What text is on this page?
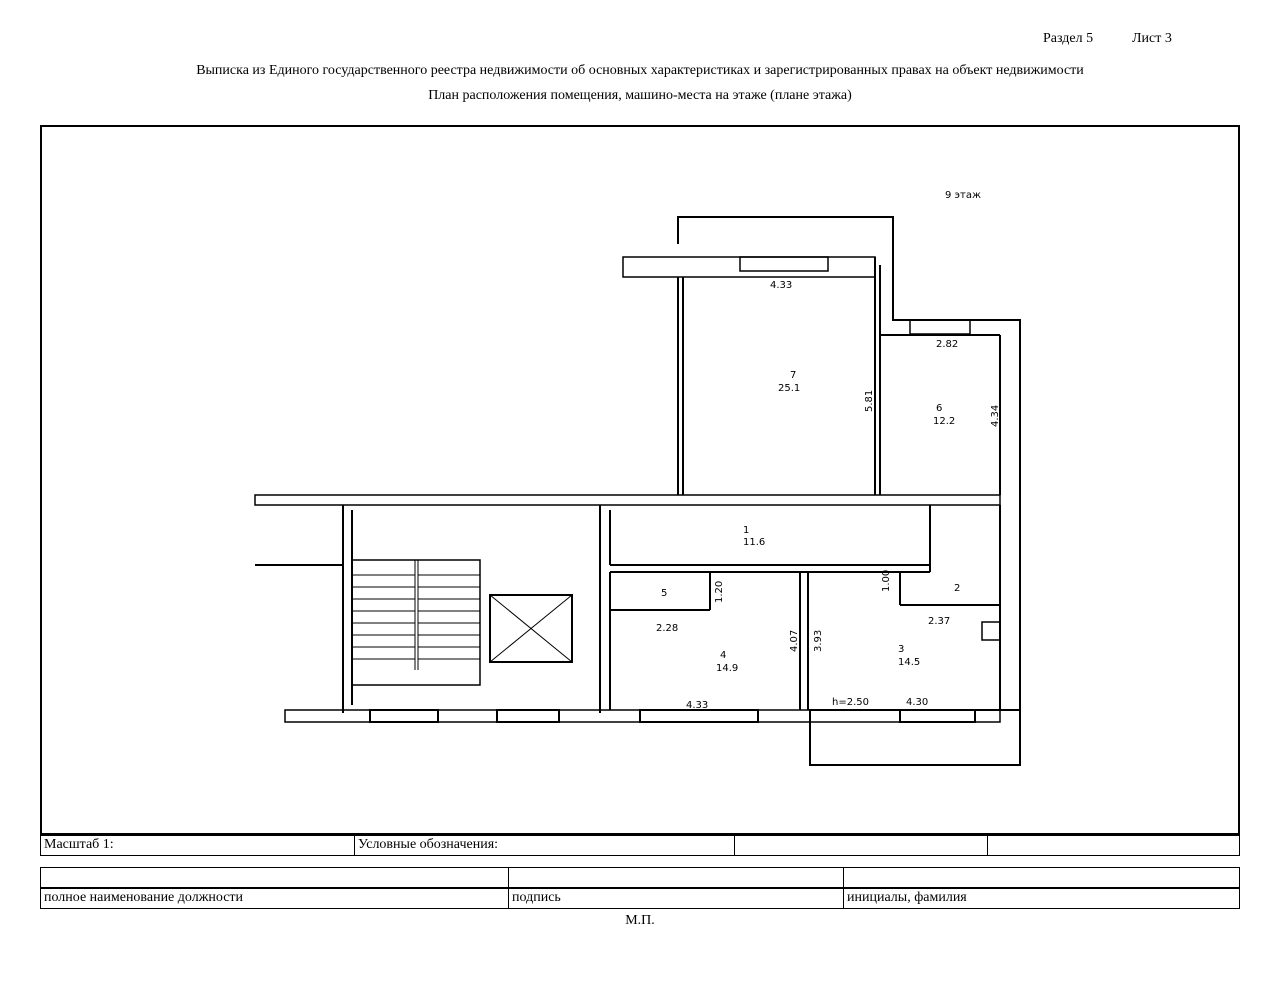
Раздел 5	Лист 3
Выписка из Единого государственного реестра недвижимости об основных характеристиках и зарегистрированных правах на объект недвижимости
План расположения помещения, машино-места на этаже (плане этажа)
9 этаж
7
25.1
6
12.2
1
11.6
5	2
4
14.9
3
14.5
4.33
5.81
2.82
4.34
1.20
2.28
4.07 3.93
1.00
2.37
4.33	h=2.50	4.30
Масштаб 1:	Условные обозначения:
полное наименование должности	подпись	инициалы, фамилия
М.П.
